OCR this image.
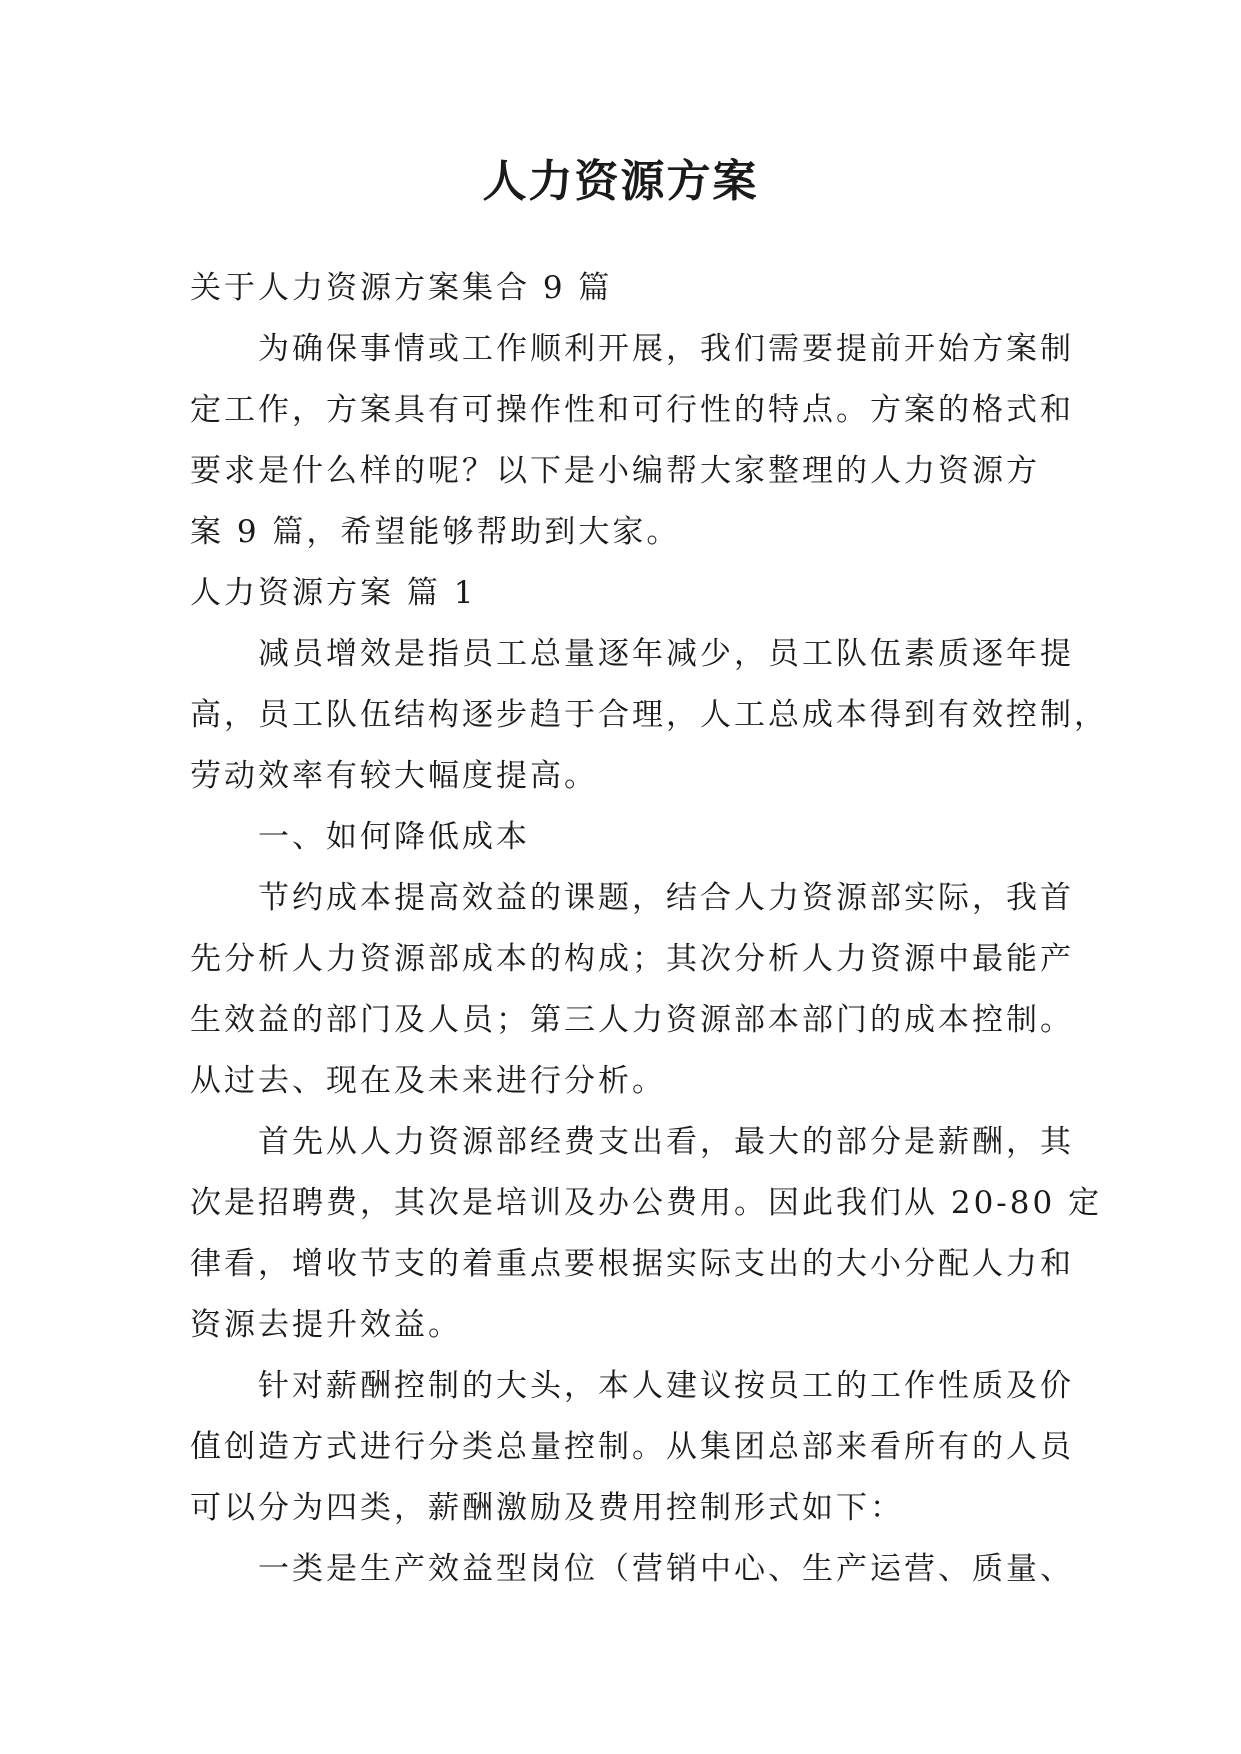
人力资源方案
关于人力资源方案集合 9 篇
为确保事情或工作顺利开展，我们需要提前开始方案制
定工作，方案具有可操作性和可行性的特点。方案的格式和
要求是什么样的呢？以下是小编帮大家整理的人力资源方
案 9 篇，希望能够帮助到大家。
人力资源方案 篇 1
减员增效是指员工总量逐年减少，员工队伍素质逐年提
高，员工队伍结构逐步趋于合理，人工总成本得到有效控制，
劳动效率有较大幅度提高。
一、如何降低成本
节约成本提高效益的课题，结合人力资源部实际，我首
先分析人力资源部成本的构成；其次分析人力资源中最能产
生效益的部门及人员；第三人力资源部本部门的成本控制。
从过去、现在及未来进行分析。
首先从人力资源部经费支出看，最大的部分是薪酬，其
次是招聘费，其次是培训及办公费用。因此我们从 20-80 定
律看，增收节支的着重点要根据实际支出的大小分配人力和
资源去提升效益。
针对薪酬控制的大头，本人建议按员工的工作性质及价
值创造方式进行分类总量控制。从集团总部来看所有的人员
可以分为四类，薪酬激励及费用控制形式如下：
一类是生产效益型岗位（营销中心、生产运营、质量、
